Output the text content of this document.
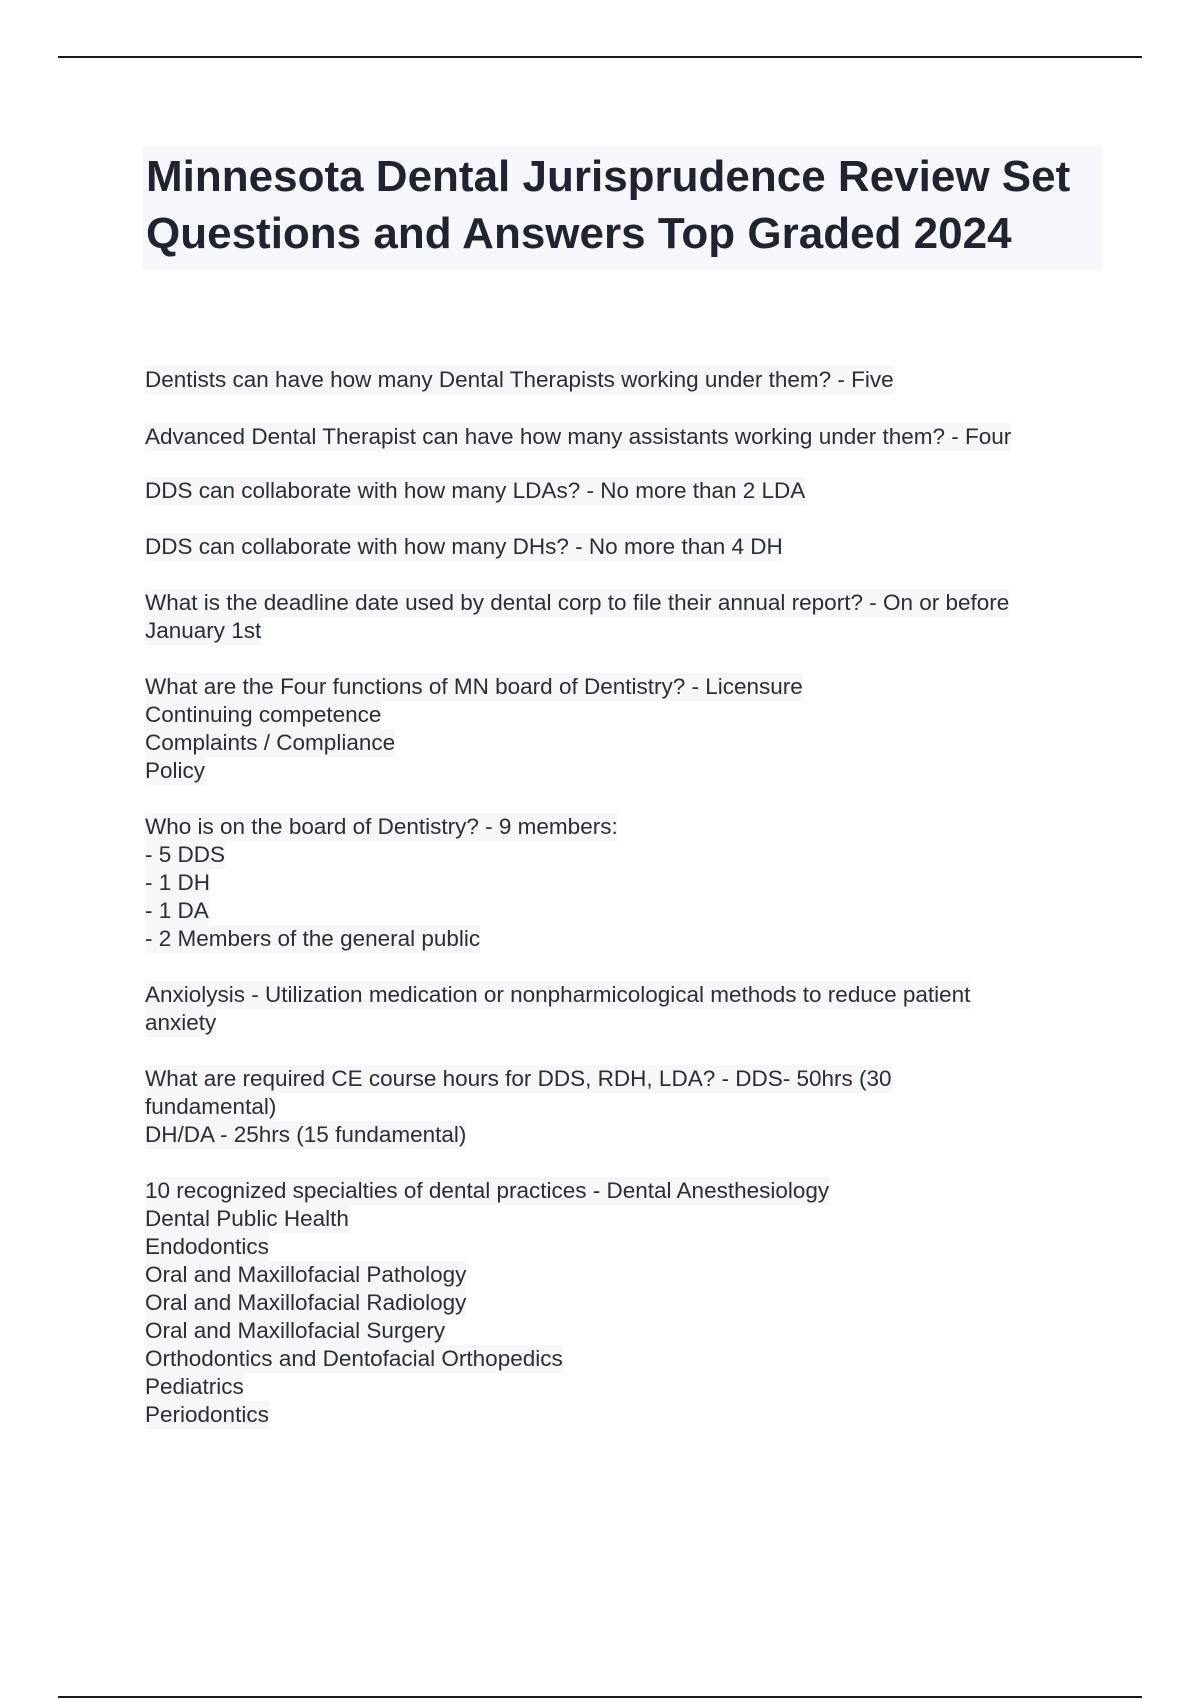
Minnesota Dental Jurisprudence Review Set Questions and Answers Top Graded 2024
Dentists can have how many Dental Therapists working under them? - Five
Advanced Dental Therapist can have how many assistants working under them? - Four
DDS can collaborate with how many LDAs? - No more than 2 LDA
DDS can collaborate with how many DHs? - No more than 4 DH
What is the deadline date used by dental corp to file their annual report? - On or before
January 1st
What are the Four functions of MN board of Dentistry? - Licensure
Continuing competence
Complaints / Compliance
Policy
Who is on the board of Dentistry? - 9 members:
- 5 DDS
- 1 DH
- 1 DA
- 2 Members of the general public
Anxiolysis - Utilization medication or nonpharmicological methods to reduce patient
anxiety
What are required CE course hours for DDS, RDH, LDA? - DDS- 50hrs (30
fundamental)
DH/DA - 25hrs (15 fundamental)
10 recognized specialties of dental practices - Dental Anesthesiology
Dental Public Health
Endodontics
Oral and Maxillofacial Pathology
Oral and Maxillofacial Radiology
Oral and Maxillofacial Surgery
Orthodontics and Dentofacial Orthopedics
Pediatrics
Periodontics
